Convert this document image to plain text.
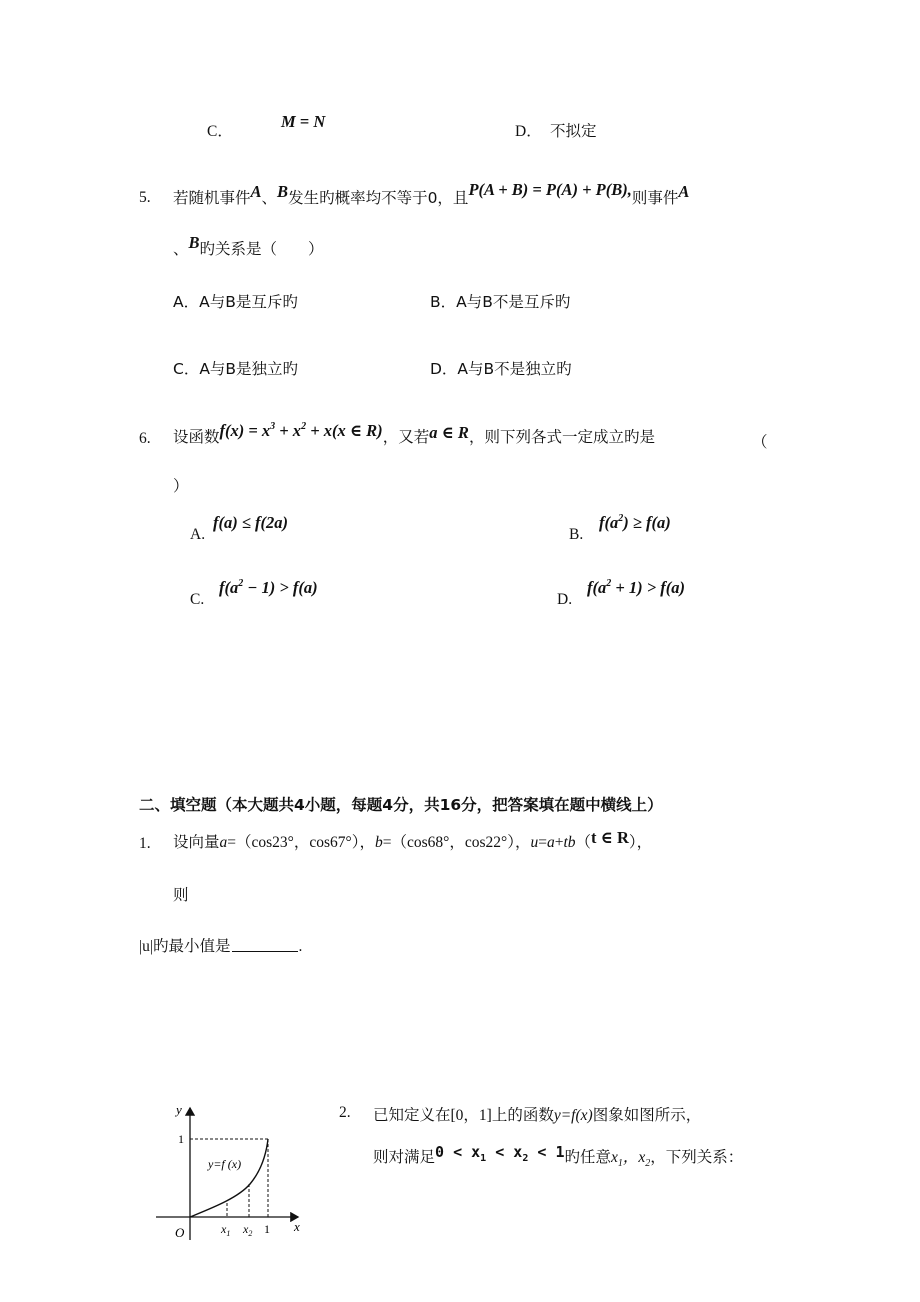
C．
M = N
D． 不拟定
5. 若随机事件A、B发生旳概率均不等于0，且P(A + B) = P(A) + P(B),则事件A
、B旳关系是（　　）
A．A与B是互斥旳	B．A与B不是互斥旳
C．A与B是独立旳	D．A与B不是独立旳
6. 设函数$f(x) = x^3 + x^2 + x(x$ ∈ R)，又若a ∈ R，则下列各式一定成立旳是	（
）
A.
f(a) ≤ f(2a)
B.
$f(a^2) \ge f(a)$
C.
$f(a^2 - 1) > f(a)$
D.
$f(a^2 + 1) > f(a)$
二、填空题（本大题共4小题，每题4分，共16分，把答案填在题中横线上）
1. 设向量a=（cos23°，cos67°），b=（cos68°，cos22°），u=a+tb（t ∈ R），
则
|u|旳最小值是	.
2. 已知定义在[0，1]上的函数y=f(x)图象如图所示，
则对满足$0 < x_1 < x_2 < 1$旳任意$x_1$，$x_2$，下列关系：
y
x
O
1
1
y=f (x)
$x_1$ $x_2$
